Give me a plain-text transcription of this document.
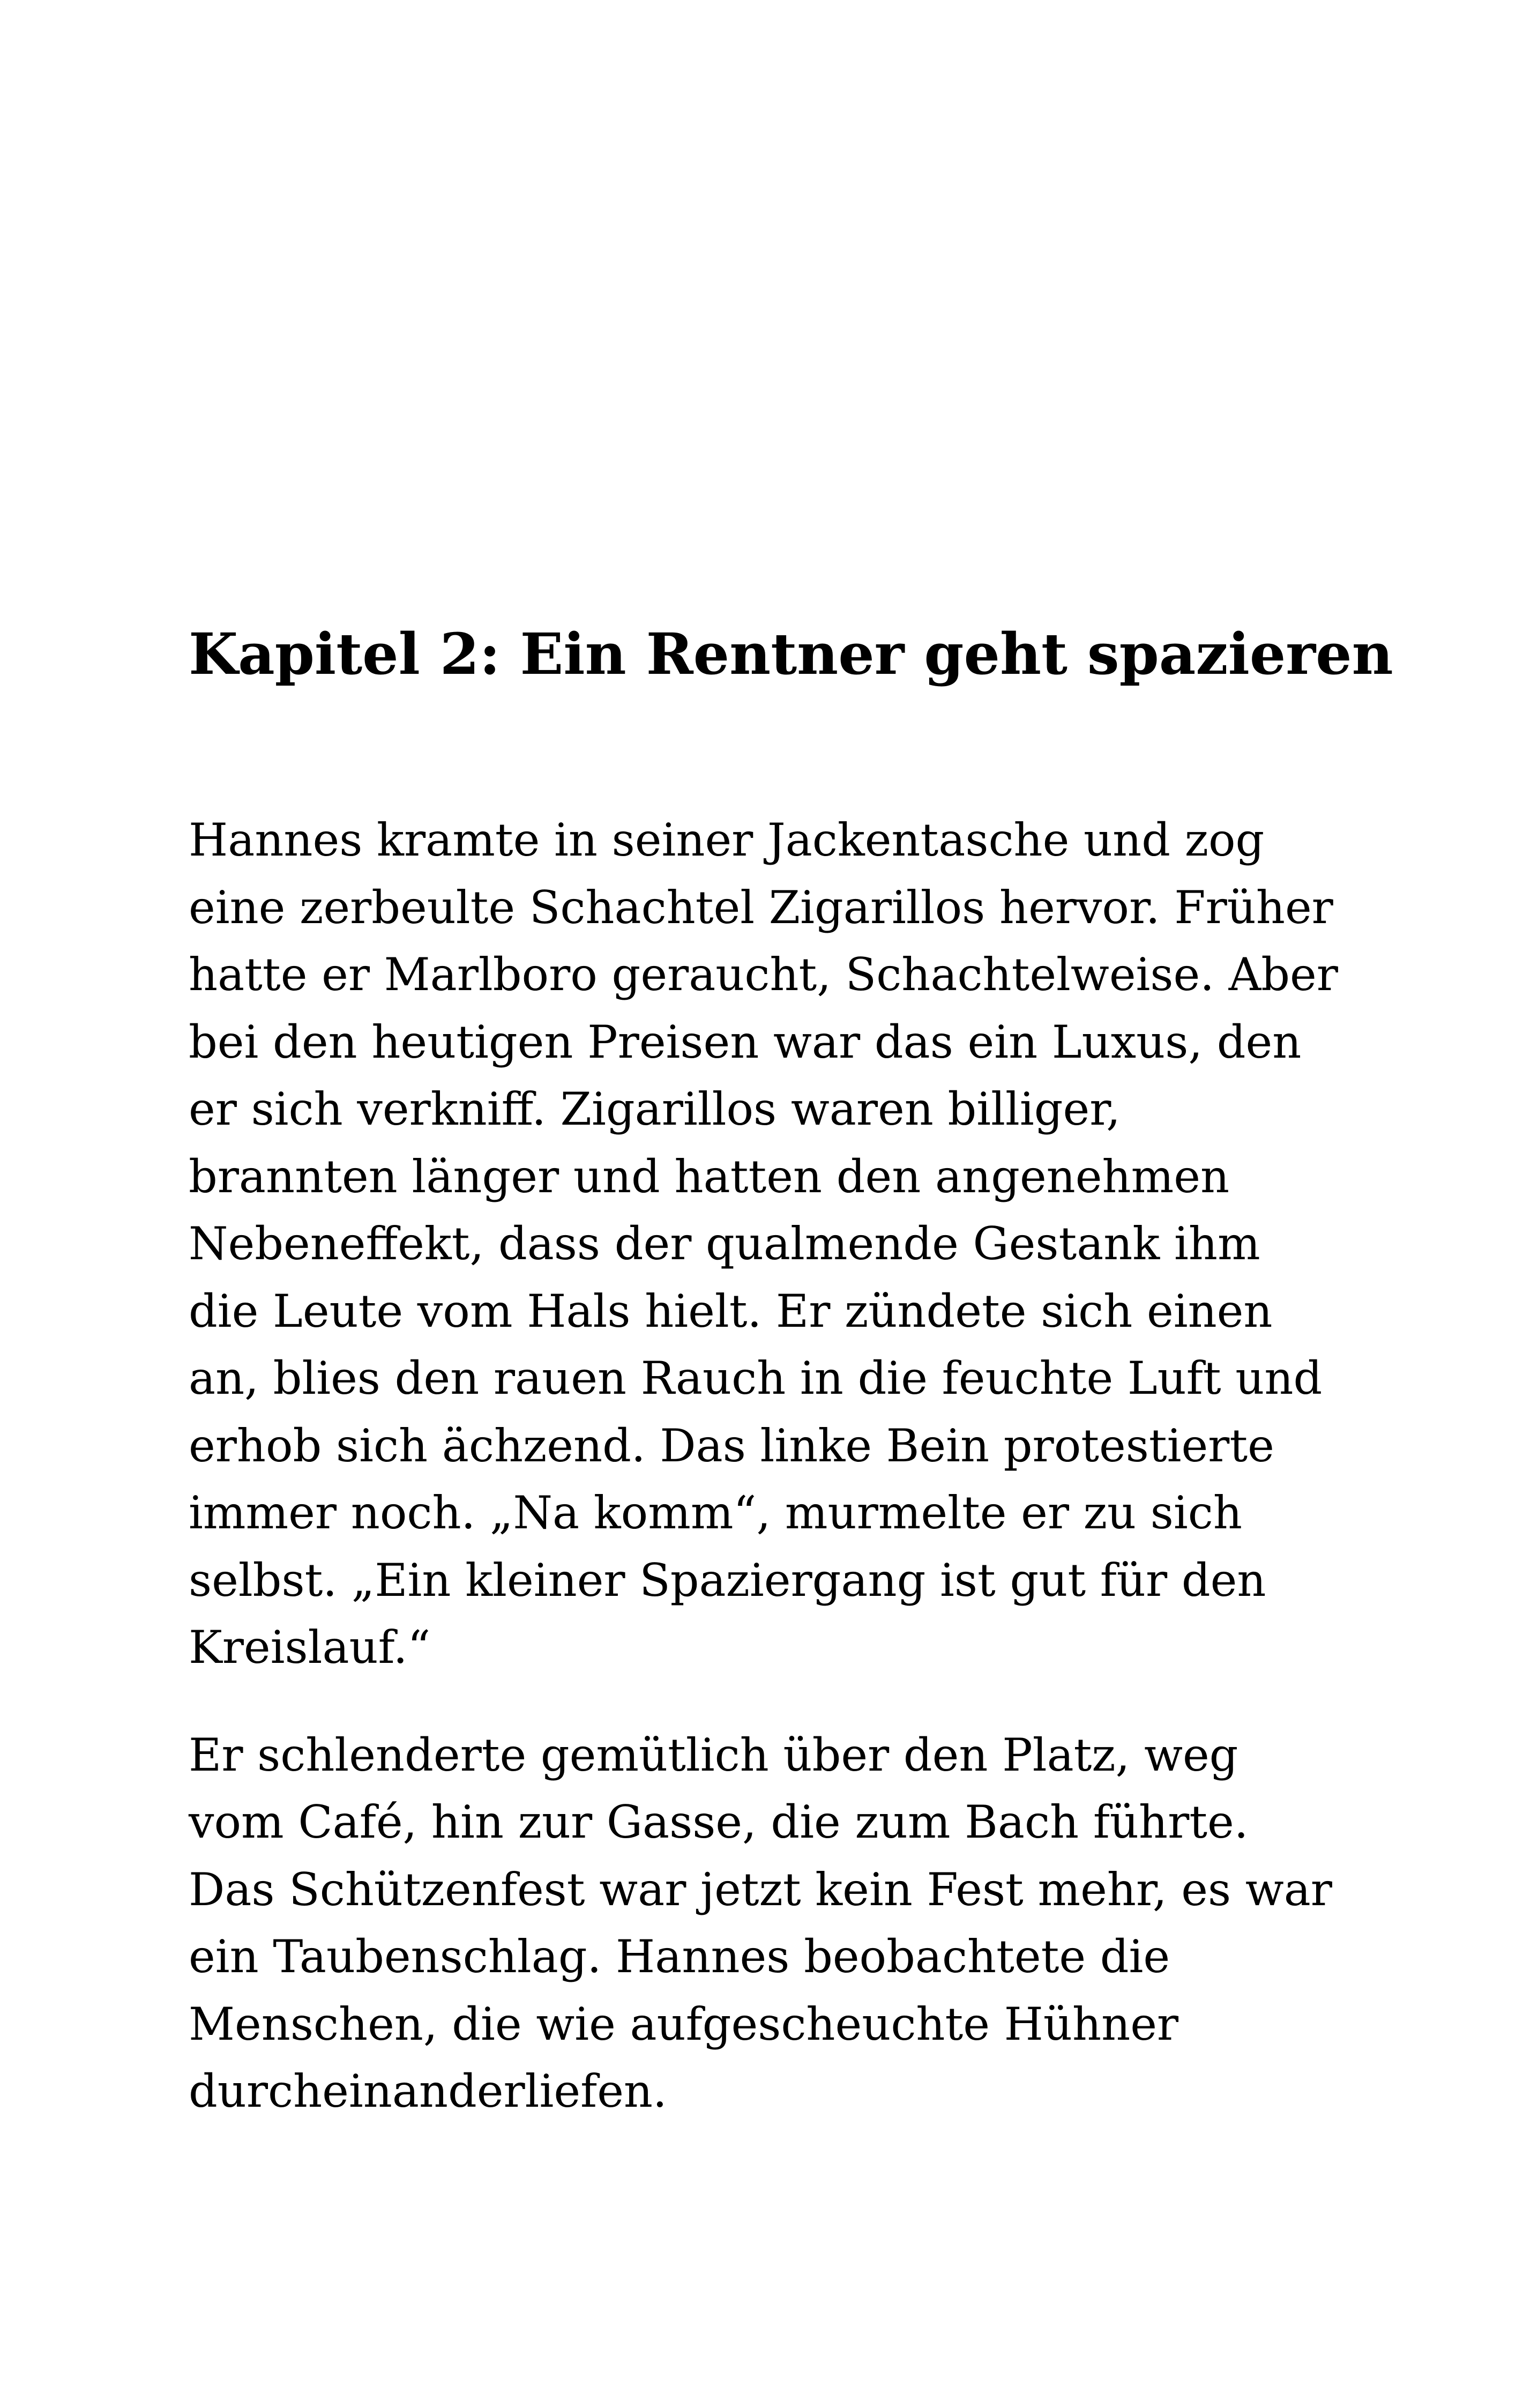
Kapitel 2: Ein Rentner geht spazieren

Hannes kramte in seiner Jackentasche und zog
eine zerbeulte Schachtel Zigarillos hervor. Früher
hatte er Marlboro geraucht, Schachtelweise. Aber
bei den heutigen Preisen war das ein Luxus, den
er sich verkniff. Zigarillos waren billiger,
brannten länger und hatten den angenehmen
Nebeneffekt, dass der qualmende Gestank ihm
die Leute vom Hals hielt. Er zündete sich einen
an, blies den rauen Rauch in die feuchte Luft und
erhob sich ächzend. Das linke Bein protestierte
immer noch. „Na komm“, murmelte er zu sich
selbst. „Ein kleiner Spaziergang ist gut für den
Kreislauf.“

Er schlenderte gemütlich über den Platz, weg
vom Café, hin zur Gasse, die zum Bach führte.
Das Schützenfest war jetzt kein Fest mehr, es war
ein Taubenschlag. Hannes beobachtete die
Menschen, die wie aufgescheuchte Hühner
durcheinanderliefen.
